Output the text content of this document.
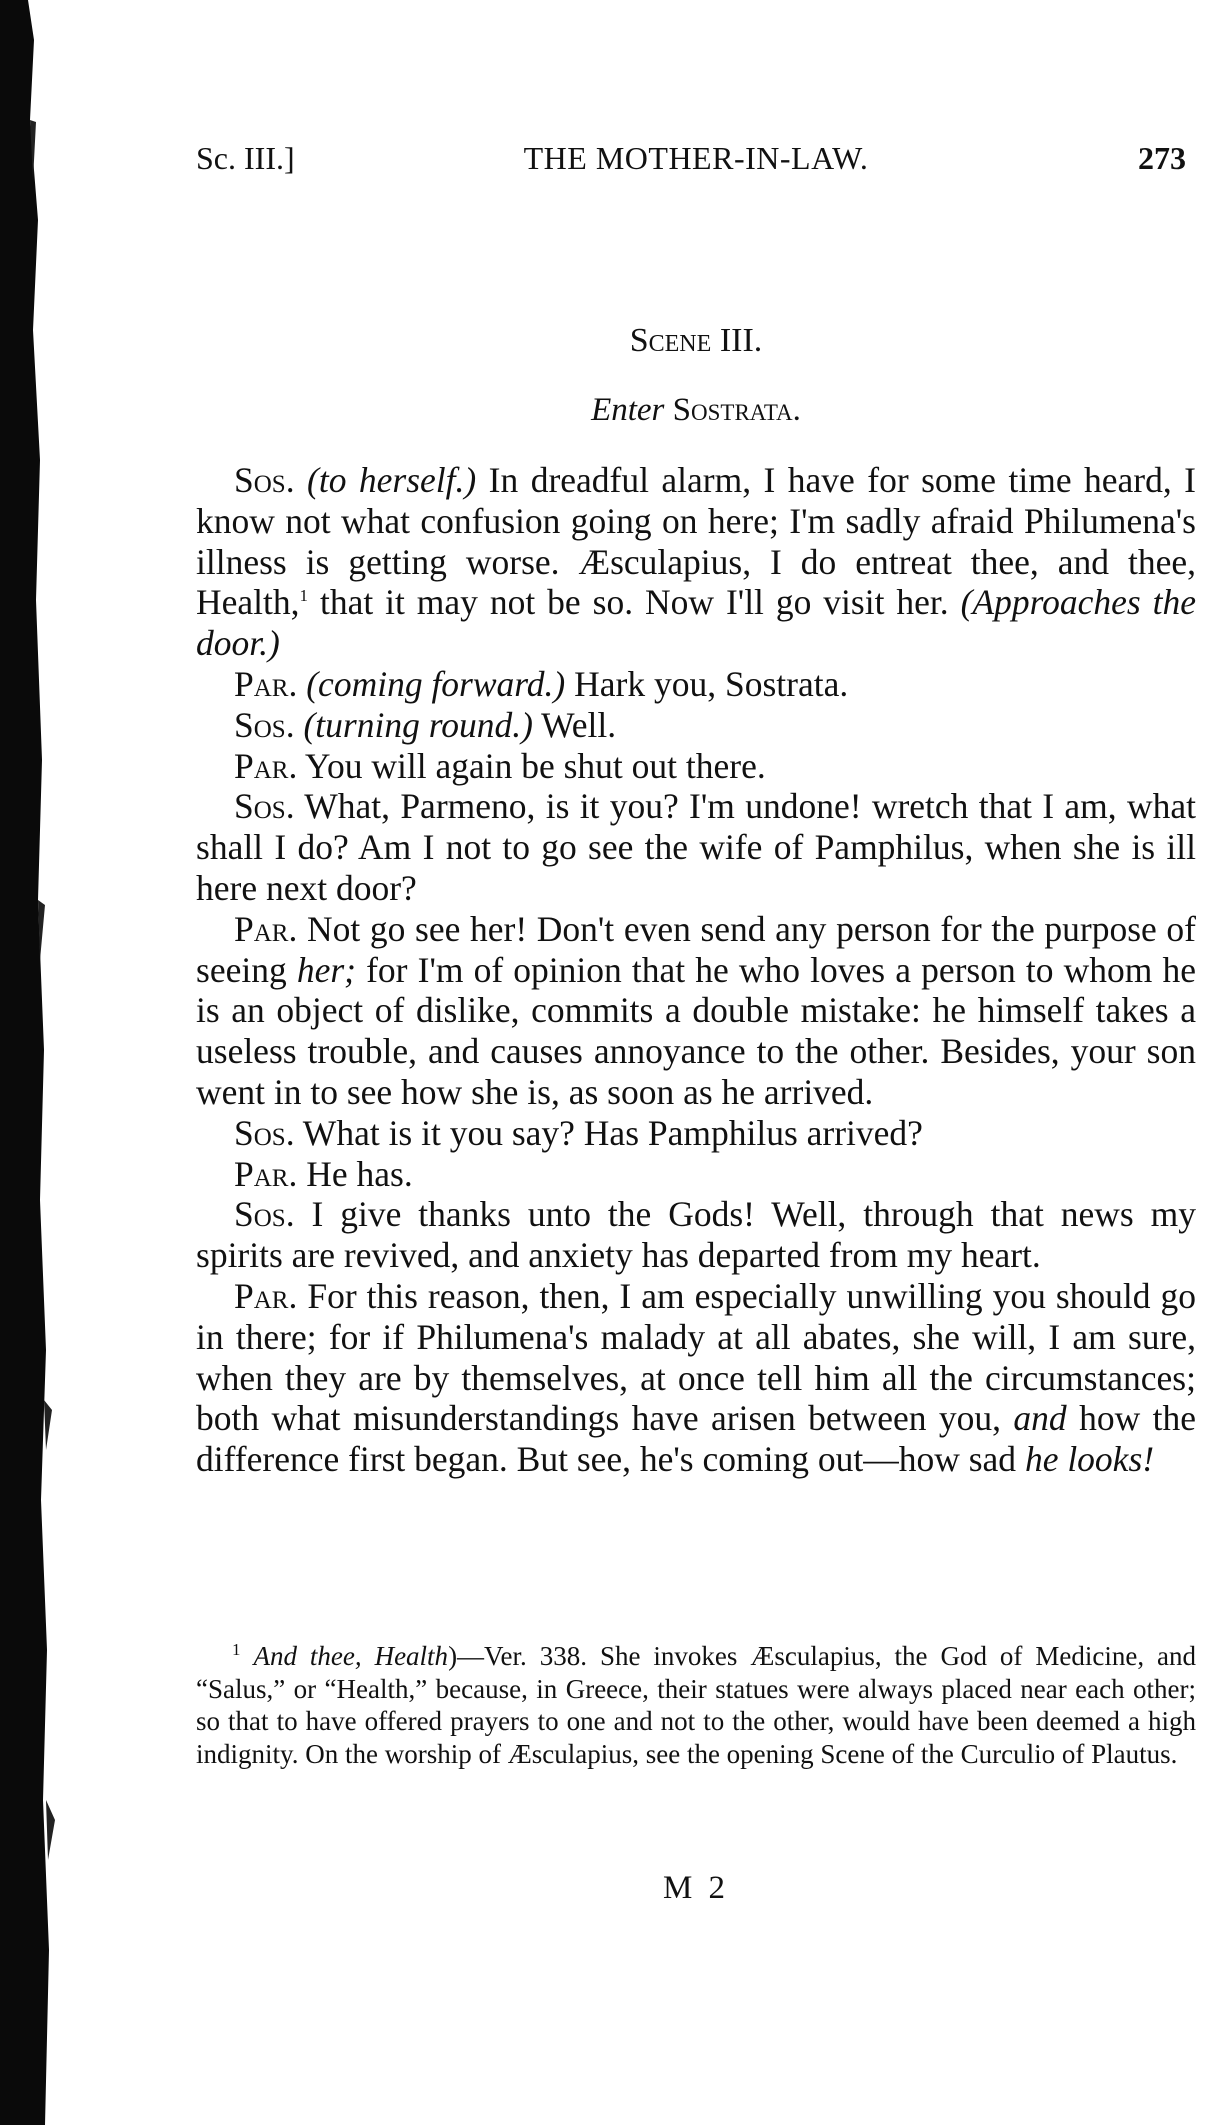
Sc. III.]	THE MOTHER-IN-LAW.	273
Scene III.
Enter Sostrata.

Sos. (to herself.) In dreadful alarm, I have for some time heard, I know not what confusion going on here; I'm sadly afraid Philumena's illness is getting worse. Æsculapius, I do entreat thee, and thee, Health,$^1$ that it may not be so. Now I'll go visit her. (Approaches the door.)

Par. (coming forward.) Hark you, Sostrata.

Sos. (turning round.) Well.

Par. You will again be shut out there.

Sos. What, Parmeno, is it you? I'm undone! wretch that I am, what shall I do? Am I not to go see the wife of Pamphilus, when she is ill here next door?

Par. Not go see her! Don't even send any person for the purpose of seeing her; for I'm of opinion that he who loves a person to whom he is an object of dislike, commits a double mistake: he himself takes a useless trouble, and causes annoyance to the other. Besides, your son went in to see how she is, as soon as he arrived.

Sos. What is it you say? Has Pamphilus arrived?

Par. He has.

Sos. I give thanks unto the Gods! Well, through that news my spirits are revived, and anxiety has departed from my heart.

Par. For this reason, then, I am especially unwilling you should go in there; for if Philumena's malady at all abates, she will, I am sure, when they are by themselves, at once tell him all the circumstances; both what misunderstandings have arisen between you, and how the difference first began. But see, he's coming out—how sad he looks!

$^1$ And thee, Health)—Ver. 338. She invokes Æsculapius, the God of Medicine, and “Salus,” or “Health,” because, in Greece, their statues were always placed near each other; so that to have offered prayers to one and not to the other, would have been deemed a high indignity. On the worship of Æsculapius, see the opening Scene of the Curculio of Plautus.

M 2
